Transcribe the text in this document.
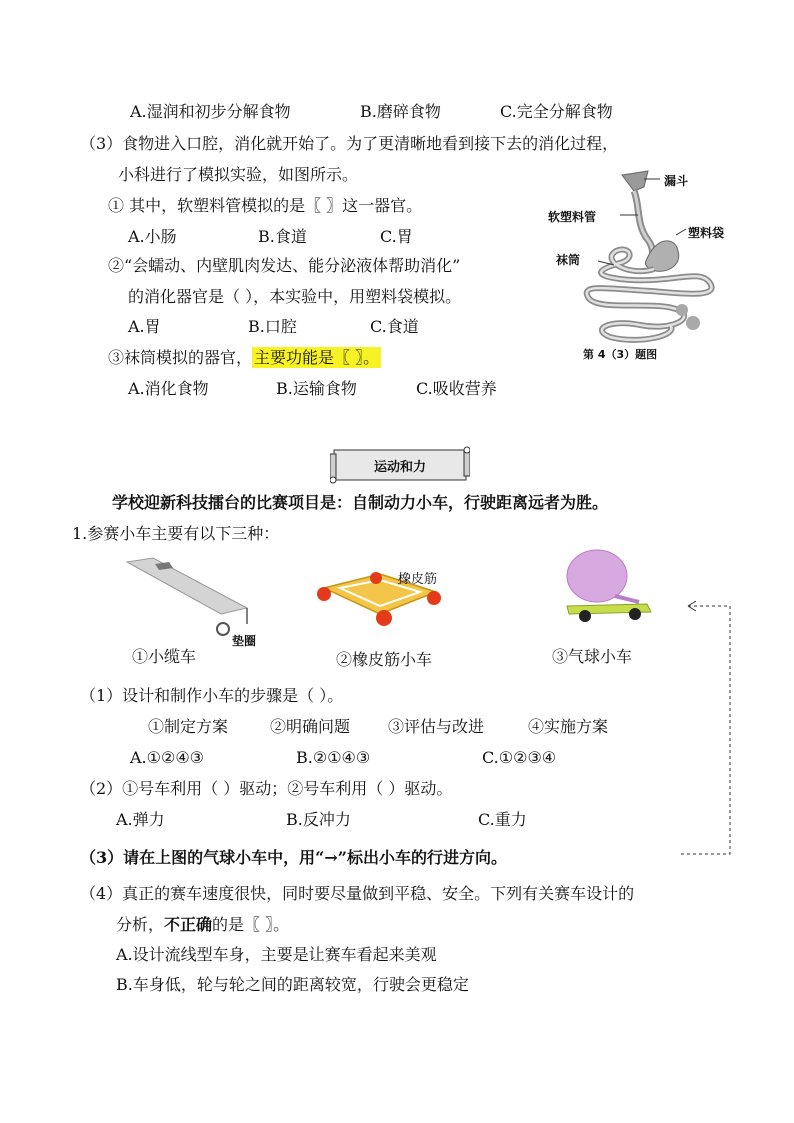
A.湿润和初步分解食物	B.磨碎食物	C.完全分解食物
（3）食物进入口腔，消化就开始了。为了更清晰地看到接下去的消化过程，
小科进行了模拟实验，如图所示。
① 其中，软塑料管模拟的是〖 〗这一器官。
A.小肠	B.食道	C.胃
②“会蠕动、内壁肌肉发达、能分泌液体帮助消化”
的消化器官是（ ），本实验中，用塑料袋模拟。
A.胃	B.口腔	C.食道
③袜筒模拟的器官， 主要功能是〖 〗。
A.消化食物	B.运输食物	C.吸收营养
漏斗
软塑料管
塑料袋
袜筒
第 4（3）题图
运动和力
学校迎新科技擂台的比赛项目是：自制动力小车，行驶距离远者为胜。
1.参赛小车主要有以下三种：
垫圈
①小缆车
橡皮筋
②橡皮筋小车	③气球小车
（1）设计和制作小车的步骤是（ ）。
①制定方案	②明确问题 ③评估与改进	④实施方案
A.①②④③	B.②①④③	C.①②③④
（2）①号车利用（ ）驱动；②号车利用（ ）驱动。
A.弹力	B.反冲力	C.重力
（3）请在上图的气球小车中，用“→”标出小车的行进方向。
（4）真正的赛车速度很快，同时要尽量做到平稳、安全。下列有关赛车设计的
分析，不正确的是〖 〗。
A.设计流线型车身，主要是让赛车看起来美观
B.车身低，轮与轮之间的距离较宽，行驶会更稳定
